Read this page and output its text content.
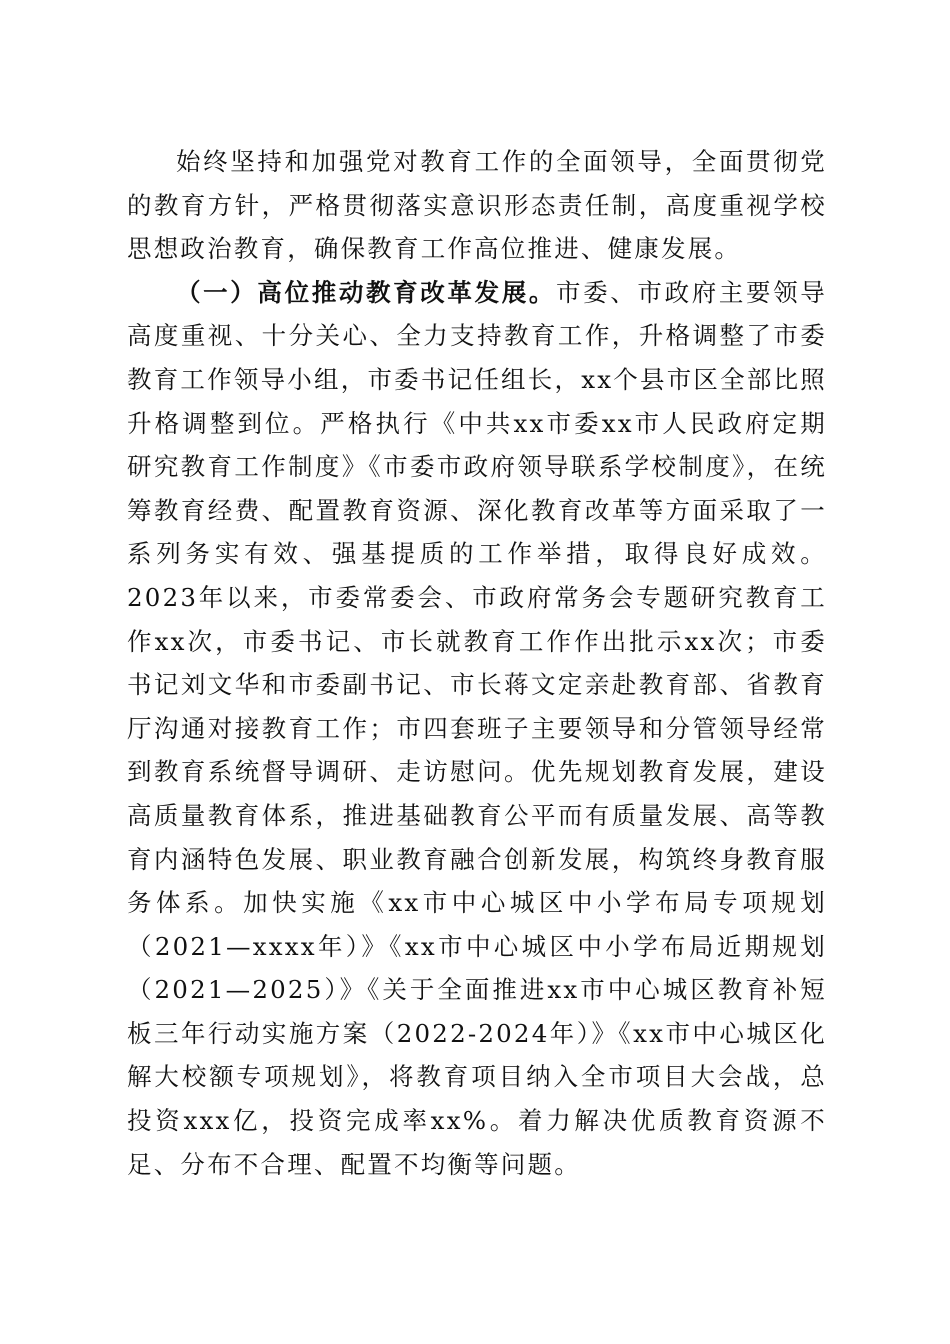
始终坚持和加强党对教育工作的全面领导，全面贯彻党的教育方针，严格贯彻落实意识形态责任制，高度重视学校思想政治教育，确保教育工作高位推进、健康发展。

（一）高位推动教育改革发展。市委、市政府主要领导高度重视、十分关心、全力支持教育工作，升格调整了市委教育工作领导小组，市委书记任组长，xx个县市区全部比照升格调整到位。严格执行《中共xx市委xx市人民政府定期研究教育工作制度》《市委市政府领导联系学校制度》，在统筹教育经费、配置教育资源、深化教育改革等方面采取了一系列务实有效、强基提质的工作举措，取得良好成效。2023年以来，市委常委会、市政府常务会专题研究教育工作xx次，市委书记、市长就教育工作作出批示xx次；市委书记刘文华和市委副书记、市长蒋文定亲赴教育部、省教育厅沟通对接教育工作；市四套班子主要领导和分管领导经常到教育系统督导调研、走访慰问。优先规划教育发展，建设高质量教育体系，推进基础教育公平而有质量发展、高等教育内涵特色发展、职业教育融合创新发展，构筑终身教育服务体系。加快实施《xx市中心城区中小学布局专项规划（2021—xxxx年）》《xx市中心城区中小学布局近期规划（2021—2025）》《关于全面推进xx市中心城区教育补短板三年行动实施方案（2022-2024年）》《xx市中心城区化解大校额专项规划》，将教育项目纳入全市项目大会战，总投资xxx亿，投资完成率xx%。着力解决优质教育资源不足、分布不合理、配置不均衡等问题。
